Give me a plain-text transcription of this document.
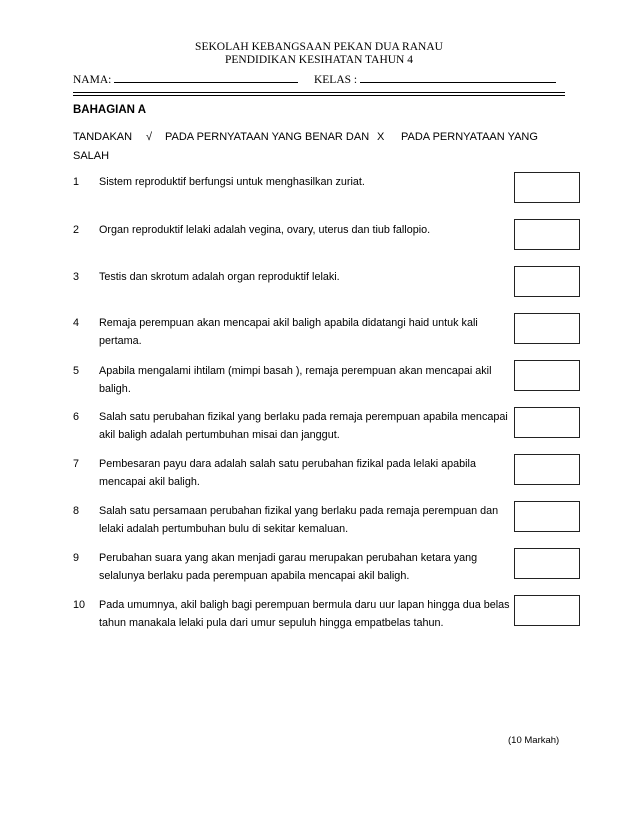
SEKOLAH KEBANGSAAN PEKAN DUA RANAU
PENDIDIKAN KESIHATAN TAHUN 4
NAMA:	KELAS :
BAHAGIAN A
TANDAKAN √ PADA PERNYATAAN YANG BENAR DAN X PADA PERNYATAAN YANG
SALAH
1 Sistem reproduktif berfungsi untuk menghasilkan zuriat.
2 Organ reproduktif lelaki adalah vegina, ovary, uterus dan tiub fallopio.
3 Testis dan skrotum adalah organ reproduktif lelaki.
4 Remaja perempuan akan mencapai akil baligh apabila didatangi haid untuk kali pertama.
5 Apabila mengalami ihtilam (mimpi basah ), remaja perempuan akan mencapai akil baligh.
6 Salah satu perubahan fizikal yang berlaku pada remaja perempuan apabila mencapai akil baligh adalah pertumbuhan misai dan janggut.
7 Pembesaran payu dara adalah salah satu perubahan fizikal pada lelaki apabila mencapai akil baligh.
8 Salah satu persamaan perubahan fizikal yang berlaku pada remaja perempuan dan lelaki adalah pertumbuhan bulu di sekitar kemaluan.
9 Perubahan suara yang akan menjadi garau merupakan perubahan ketara yang selalunya berlaku pada perempuan apabila mencapai akil baligh.
10 Pada umumnya, akil baligh bagi perempuan bermula daru uur lapan hingga dua belas tahun manakala lelaki pula dari umur sepuluh hingga empatbelas tahun.
(10 Markah)
